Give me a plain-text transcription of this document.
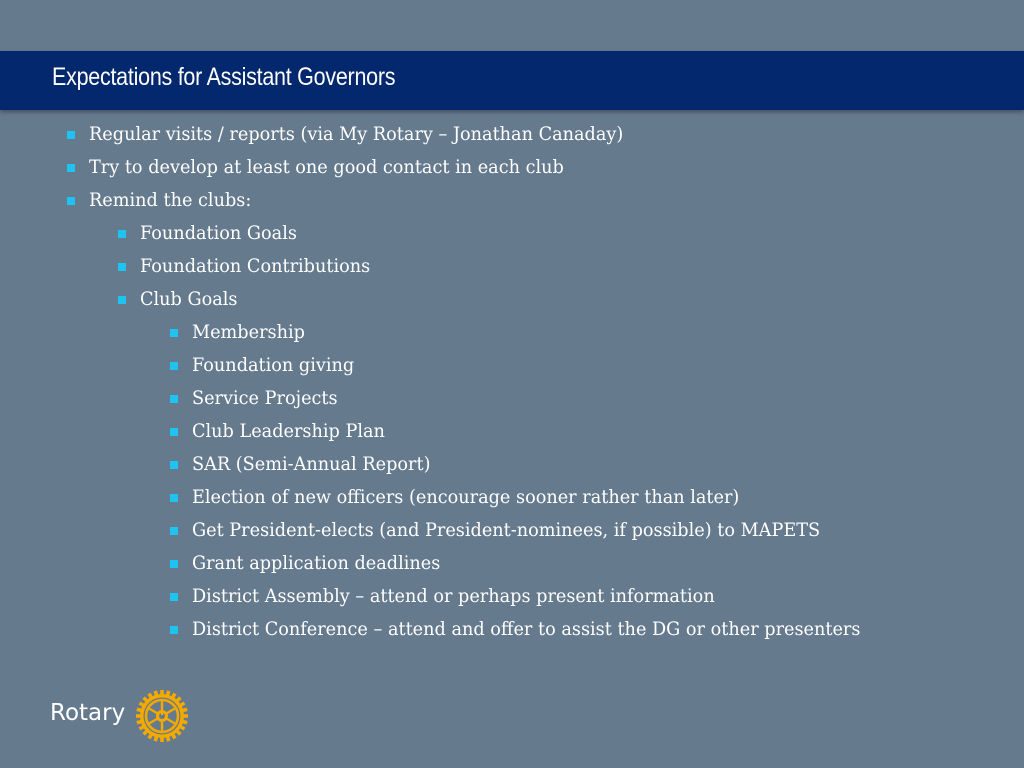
Expectations for Assistant Governors
Regular visits / reports (via My Rotary – Jonathan Canaday)
Try to develop at least one good contact in each club
Remind the clubs:
Foundation Goals
Foundation Contributions
Club Goals
Membership
Foundation giving
Service Projects
Club Leadership Plan
SAR (Semi-Annual Report)
Election of new officers (encourage sooner rather than later)
Get President-elects (and President-nominees, if possible) to MAPETS
Grant application deadlines
District Assembly – attend or perhaps present information
District Conference – attend and offer to assist the DG or other presenters
Rotary
